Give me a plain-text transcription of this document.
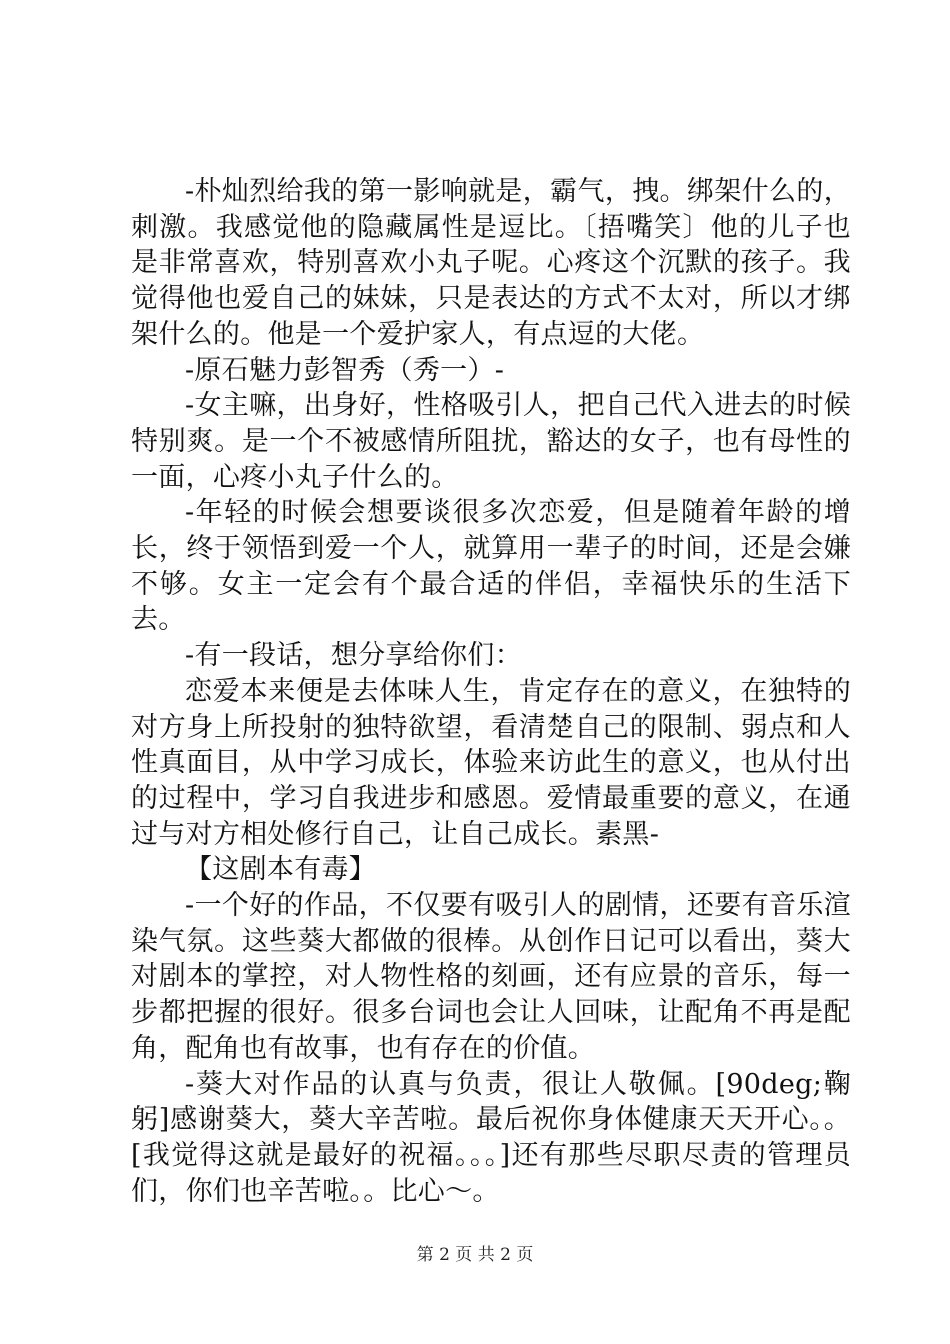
-朴灿烈给我的第一影响就是，霸气，拽。绑架什么的，刺激。我感觉他的隐藏属性是逗比。〔捂嘴笑〕他的儿子也是非常喜欢，特别喜欢小丸子呢。心疼这个沉默的孩子。我觉得他也爱自己的妹妹，只是表达的方式不太对，所以才绑架什么的。他是一个爱护家人，有点逗的大佬。

-原石魅力彭智秀（秀一）-

-女主嘛，出身好，性格吸引人，把自己代入进去的时候特别爽。是一个不被感情所阻扰，豁达的女子，也有母性的一面，心疼小丸子什么的。

-年轻的时候会想要谈很多次恋爱，但是随着年龄的增长，终于领悟到爱一个人，就算用一辈子的时间，还是会嫌不够。女主一定会有个最合适的伴侣，幸福快乐的生活下去。

-有一段话，想分享给你们：

恋爱本来便是去体味人生，肯定存在的意义，在独特的对方身上所投射的独特欲望，看清楚自己的限制、弱点和人性真面目，从中学习成长，体验来访此生的意义，也从付出的过程中，学习自我进步和感恩。爱情最重要的意义，在通过与对方相处修行自己，让自己成长。素黑-

【这剧本有毒】

-一个好的作品，不仅要有吸引人的剧情，还要有音乐渲染气氛。这些葵大都做的很棒。从创作日记可以看出，葵大对剧本的掌控，对人物性格的刻画，还有应景的音乐，每一步都把握的很好。很多台词也会让人回味，让配角不再是配角，配角也有故事，也有存在的价值。

-葵大对作品的认真与负责，很让人敬佩。[90deg;鞠躬]感谢葵大，葵大辛苦啦。最后祝你身体健康天天开心。。[我觉得这就是最好的祝福。。。]还有那些尽职尽责的管理员们，你们也辛苦啦。。比心～。

第 2 页 共 2 页
